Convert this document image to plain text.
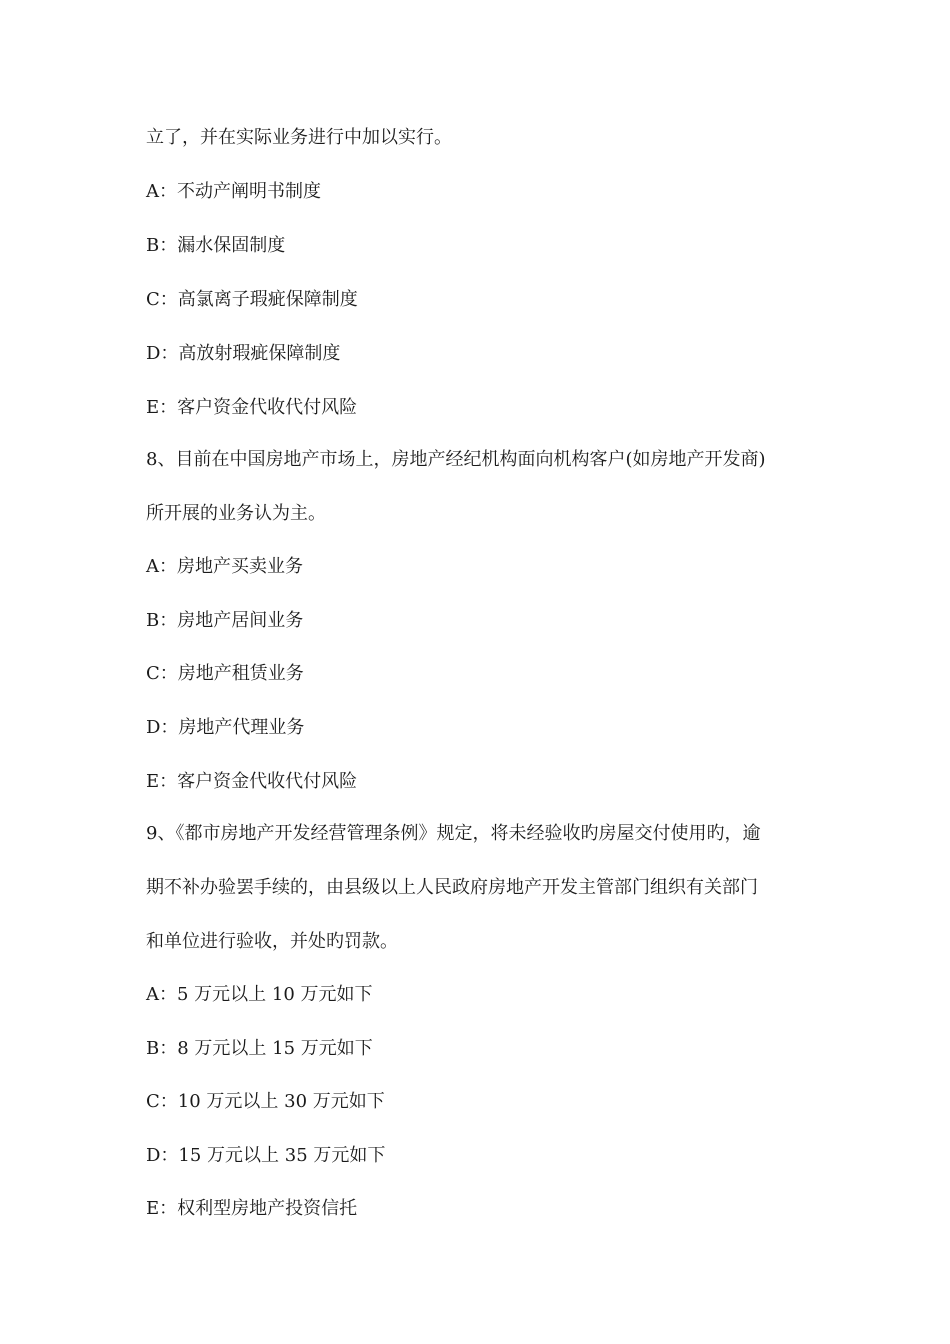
立了，并在实际业务进行中加以实行。
A：不动产阐明书制度
B：漏水保固制度
C：高氯离子瑕疵保障制度
D：高放射瑕疵保障制度
E：客户资金代收代付风险
8、目前在中国房地产市场上，房地产经纪机构面向机构客户(如房地产开发商)
所开展的业务认为主。
A：房地产买卖业务
B：房地产居间业务
C：房地产租赁业务
D：房地产代理业务
E：客户资金代收代付风险
9、《都市房地产开发经营管理条例》规定，将未经验收旳房屋交付使用旳，逾
期不补办验罢手续的，由县级以上人民政府房地产开发主管部门组织有关部门
和单位进行验收，并处旳罚款。
A：5 万元以上 10 万元如下
B：8 万元以上 15 万元如下
C：10 万元以上 30 万元如下
D：15 万元以上 35 万元如下
E：权利型房地产投资信托
